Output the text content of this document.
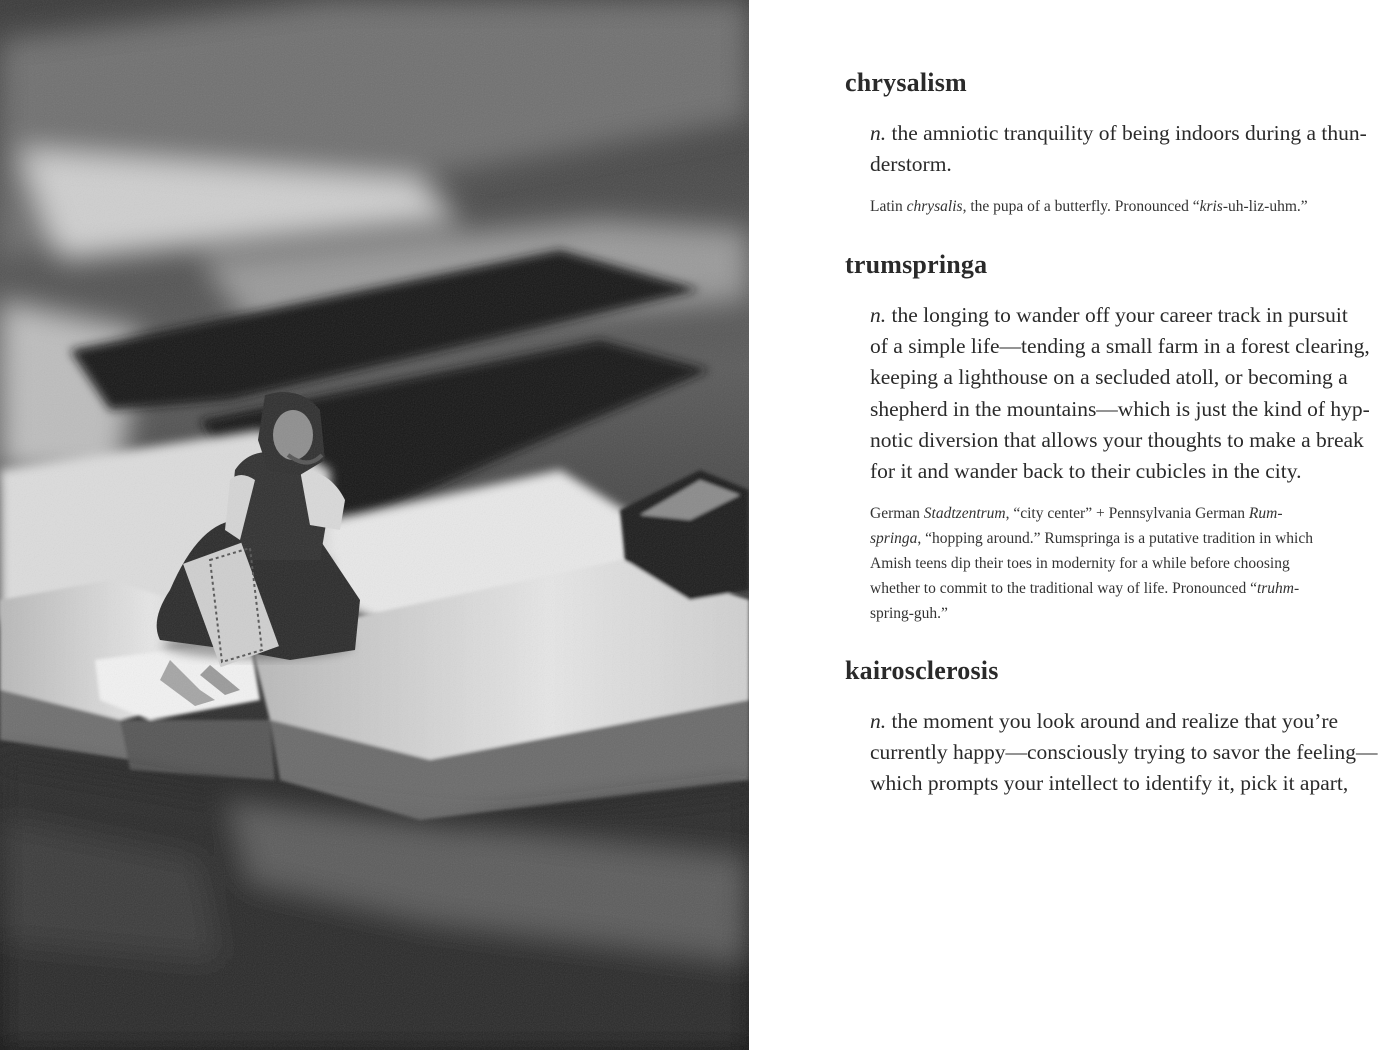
chrysalism

n. the amniotic tranquility of being indoors during a thun-
derstorm.

Latin chrysalis, the pupa of a butterfly. Pronounced “kris-uh-liz-uhm.”

trumspringa

n. the longing to wander off your career track in pursuit
of a simple life—tending a small farm in a forest clearing,
keeping a lighthouse on a secluded atoll, or becoming a
shepherd in the mountains—which is just the kind of hyp-
notic diversion that allows your thoughts to make a break
for it and wander back to their cubicles in the city.

German Stadtzentrum, “city center” + Pennsylvania German Rum-
springa, “hopping around.” Rumspringa is a putative tradition in which
Amish teens dip their toes in modernity for a while before choosing
whether to commit to the traditional way of life. Pronounced “truhm-
spring-guh.”

kairosclerosis

n. the moment you look around and realize that you’re
currently happy—consciously trying to savor the feeling—
which prompts your intellect to identify it, pick it apart,
